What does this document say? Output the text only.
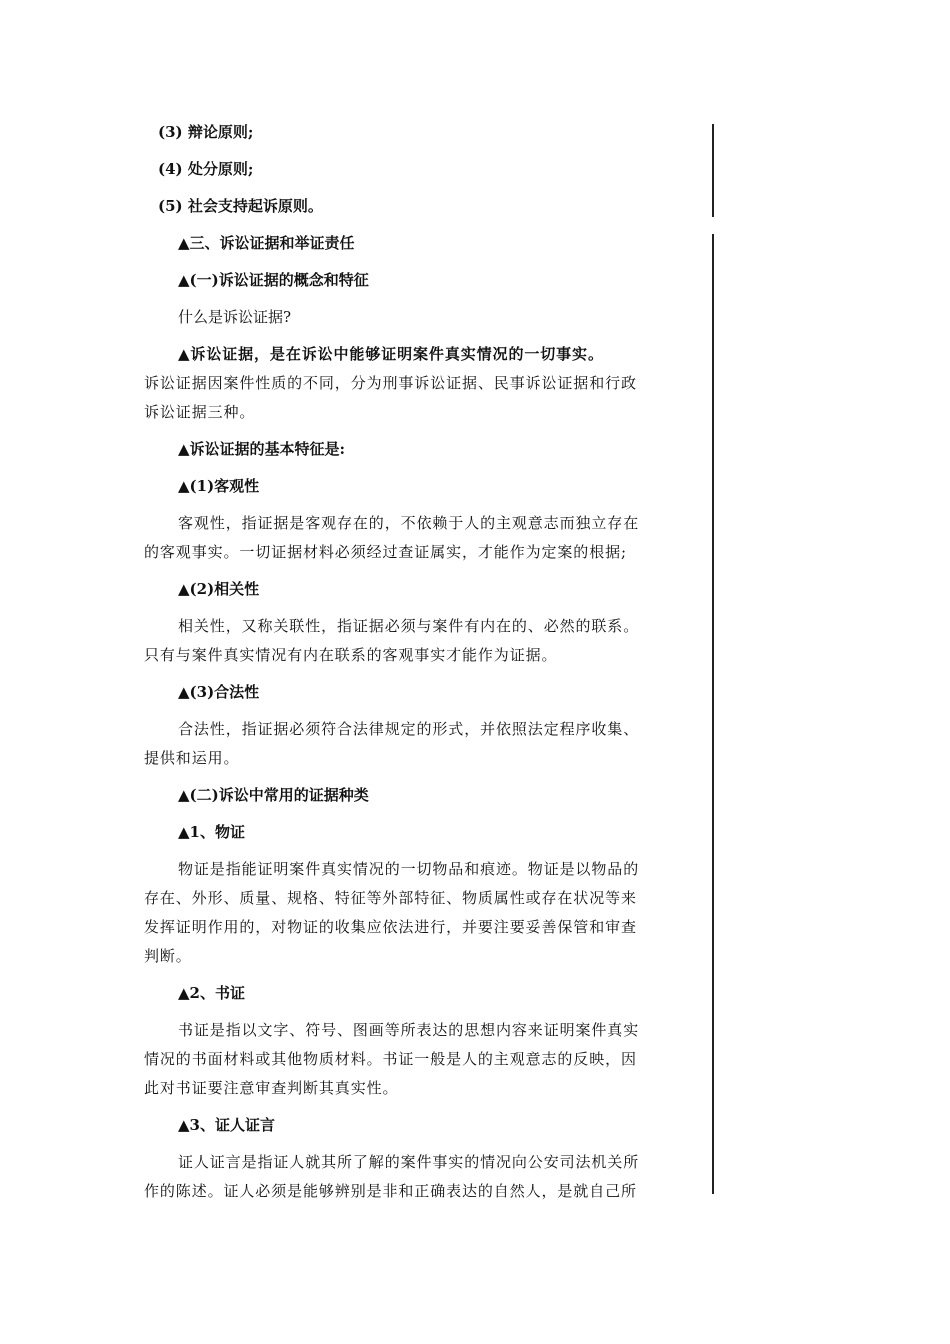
(3) 辩论原则;
(4) 处分原则;
(5) 社会支持起诉原则。
▲三、诉讼证据和举证责任
▲(一)诉讼证据的概念和特征
什么是诉讼证据?
▲诉讼证据，是在诉讼中能够证明案件真实情况的一切事实。
诉讼证据因案件性质的不同，分为刑事诉讼证据、民事诉讼证据和行政
诉讼证据三种。
▲诉讼证据的基本特征是:
▲(1)客观性
客观性，指证据是客观存在的，不依赖于人的主观意志而独立存在
的客观事实。一切证据材料必须经过查证属实，才能作为定案的根据;
▲(2)相关性
相关性，又称关联性，指证据必须与案件有内在的、必然的联系。
只有与案件真实情况有内在联系的客观事实才能作为证据。
▲(3)合法性
合法性，指证据必须符合法律规定的形式，并依照法定程序收集、
提供和运用。
▲(二)诉讼中常用的证据种类
▲1、物证
物证是指能证明案件真实情况的一切物品和痕迹。物证是以物品的
存在、外形、质量、规格、特征等外部特征、物质属性或存在状况等来
发挥证明作用的，对物证的收集应依法进行，并要注要妥善保管和审查
判断。
▲2、书证
书证是指以文字、符号、图画等所表达的思想内容来证明案件真实
情况的书面材料或其他物质材料。书证一般是人的主观意志的反映，因
此对书证要注意审查判断其真实性。
▲3、证人证言
证人证言是指证人就其所了解的案件事实的情况向公安司法机关所
作的陈述。证人必须是能够辨别是非和正确表达的自然人，是就自己所
